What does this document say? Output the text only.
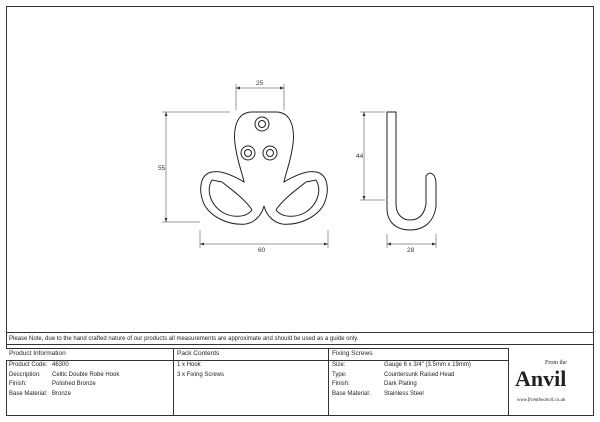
25
55
60
44
28
Please Note, due to the hand crafted nature of our products all measurements are approximate and should be used as a guide only.
Product Information
Product Code: 46300
Description: Celtic Double Robe Hook
Finish:	Polished Bronze
Base Material: Bronze
Pack Contents
1 x Hook
3 x Fixing Screws
Fixing Screws
Size:	Gauge 6 x 3/4" (3.5mm x 19mm)
Type:	Countersunk Raised Head
Finish:	Dark Plating
Base Material: Stainless Steel
From the
Anvil
www.fromtheanvil.co.uk
